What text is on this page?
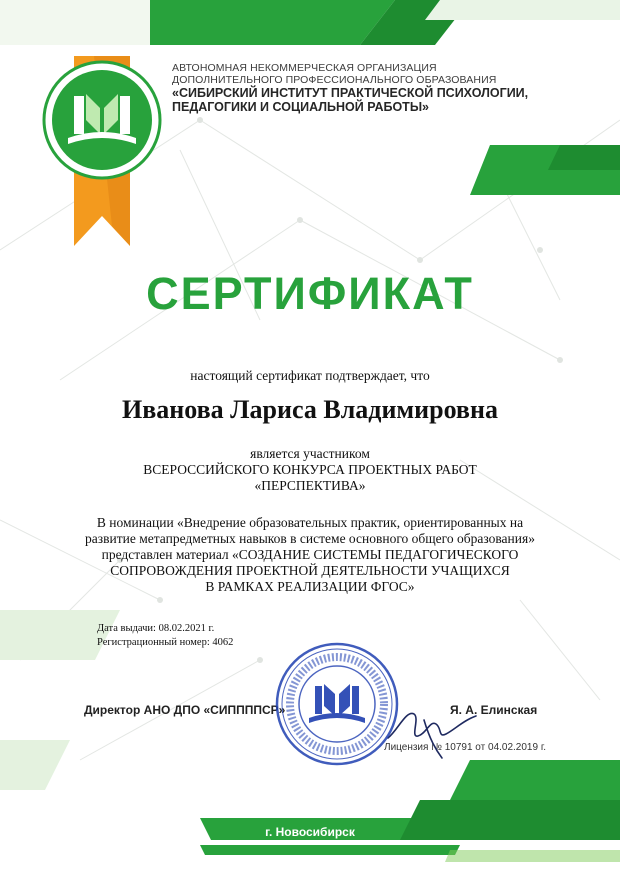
АВТОНОМНАЯ НЕКОММЕРЧЕСКАЯ ОРГАНИЗАЦИЯ
ДОПОЛНИТЕЛЬНОГО ПРОФЕССИОНАЛЬНОГО ОБРАЗОВАНИЯ
«СИБИРСКИЙ ИНСТИТУТ ПРАКТИЧЕСКОЙ ПСИХОЛОГИИ,
ПЕДАГОГИКИ И СОЦИАЛЬНОЙ РАБОТЫ»
СЕРТИФИКАТ
настоящий сертификат подтверждает, что
Иванова Лариса Владимировна
является участником
ВСЕРОССИЙСКОГО КОНКУРСА ПРОЕКТНЫХ РАБОТ
«ПЕРСПЕКТИВА»
В номинации «Внедрение образовательных практик, ориентированных на
развитие метапредметных навыков в системе основного общего образования»
представлен материал «СОЗДАНИЕ СИСТЕМЫ ПЕДАГОГИЧЕСКОГО
СОПРОВОЖДЕНИЯ ПРОЕКТНОЙ ДЕЯТЕЛЬНОСТИ УЧАЩИХСЯ
В РАМКАХ РЕАЛИЗАЦИИ ФГОС»
Дата выдачи: 08.02.2021 г.
Регистрационный номер: 4062
Директор АНО ДПО «СИППППСР»	Я. А. Елинская
Лицензия № 10791 от 04.02.2019 г.
г. Новосибирск
